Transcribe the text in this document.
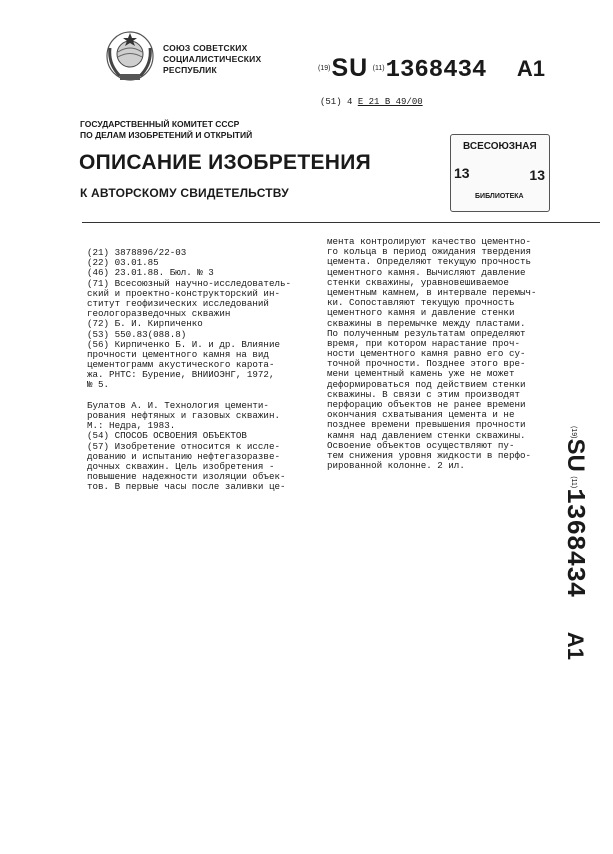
СОЮЗ СОВЕТСКИХ
СОЦИАЛИСТИЧЕСКИХ
РЕСПУБЛИК	$^{(19)}$SU $^{(11)}$1368434 A1
(51) 4 E 21 B 49/00
ГОСУДАРСТВЕННЫЙ КОМИТЕТ СССР
ПО ДЕЛАМ ИЗОБРЕТЕНИЙ И ОТКРЫТИЙ
ОПИСАНИЕ ИЗОБРЕТЕНИЯ
К АВТОРСКОМУ СВИДЕТЕЛЬСТВУ
ВСЕСОЮЗНАЯ
13	13
БИБЛИОТЕКА
(21) 3878896/22-03
(22) 03.01.85
(46) 23.01.88. Бюл. № 3
(71) Всесоюзный научно-исследователь-
ский и проектно-конструкторский ин-
ститут геофизических исследований
геологоразведочных скважин
(72) Б. И. Кирпиченко
(53) 550.83(088.8)
(56) Кирпиченко Б. И. и др. Влияние
прочности цементного камня на вид
цементограмм акустического карота-
жа. РНТС: Бурение, ВНИИОЭНГ, 1972,
№ 5.
Булатов А. И. Технология цементи-
рования нефтяных и газовых скважин.
М.: Недра, 1983.
(54) СПОСОБ ОСВОЕНИЯ ОБЪЕКТОВ
(57) Изобретение относится к иссле-
дованию и испытанию нефтегазоразве-
дочных скважин. Цель изобретения -
повышение надежности изоляции объек-
тов. В первые часы после заливки це-
мента контролируют качество цементно-
го кольца в период ожидания твердения
цемента. Определяют текущую прочность
цементного камня. Вычисляют давление
стенки скважины, уравновешиваемое
цементным камнем, в интервале перемыч-
ки. Сопоставляют текущую прочность
цементного камня и давление стенки
скважины в перемычке между пластами.
По полученным результатам определяют
время, при котором нарастание проч-
ности цементного камня равно его су-
точной прочности. Позднее этого вре-
мени цементный камень уже не может
деформироваться под действием стенки
скважины. В связи с этим производят
перфорацию объектов не ранее времени
окончания схватывания цемента и не
позднее времени превышения прочности
камня над давлением стенки скважины.
Освоение объектов осуществляют пу-
тем снижения уровня жидкости в перфо-
рированной колонне. 2 ил.
$^{(19)}$SU $^{(11)}$1368434 A1
